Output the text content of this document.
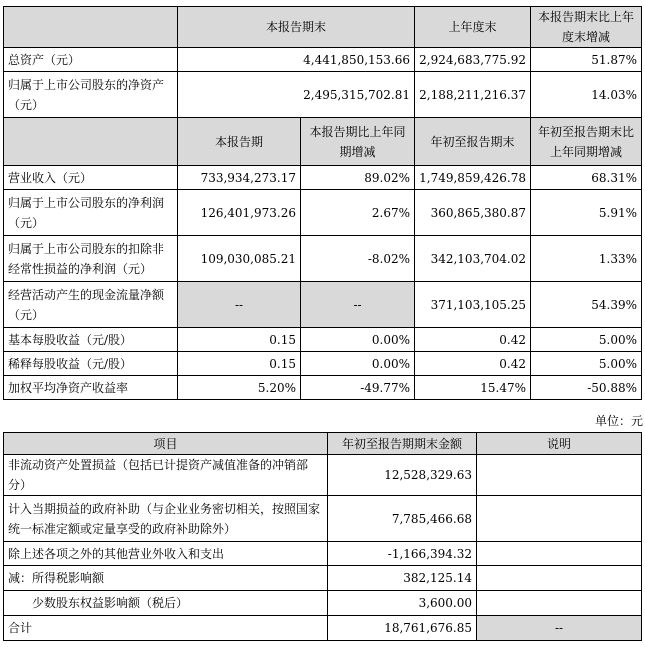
	本报告期末		上年度末	本报告期末比上年度末增减
总资产（元）	4,441,850,153.66		2,924,683,775.92	51.87%
归属于上市公司股东的净资产（元）	2,495,315,702.81		2,188,211,216.37	14.03%
	本报告期	本报告期比上年同期增减	年初至报告期末	年初至报告期末比上年同期增减
营业收入（元）	733,934,273.17	89.02%	1,749,859,426.78	68.31%
归属于上市公司股东的净利润（元）	126,401,973.26	2.67%	360,865,380.87	5.91%
归属于上市公司股东的扣除非经常性损益的净利润（元）	109,030,085.21	-8.02%	342,103,704.02	1.33%
经营活动产生的现金流量净额（元）	--	--	371,103,105.25	54.39%
基本每股收益（元/股）	0.15	0.00%	0.42	5.00%
稀释每股收益（元/股）	0.15	0.00%	0.42	5.00%
加权平均净资产收益率	5.20%	-49.77%	15.47%	-50.88%
单位：元
项目	年初至报告期期末金额	说明
非流动资产处置损益（包括已计提资产减值准备的冲销部分）	12,528,329.63	
计入当期损益的政府补助（与企业业务密切相关，按照国家统一标准定额或定量享受的政府补助除外）	7,785,466.68	
除上述各项之外的其他营业外收入和支出	-1,166,394.32	
减：所得税影响额	382,125.14	
少数股东权益影响额（税后）	3,600.00	
合计	18,761,676.85	--
